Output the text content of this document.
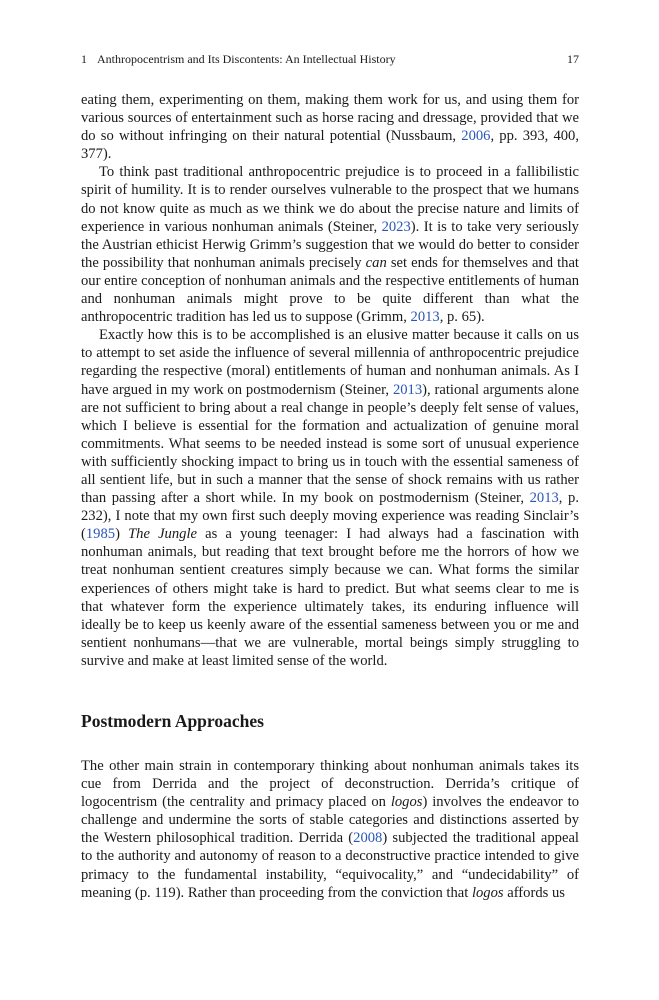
1 Anthropocentrism and Its Discontents: An Intellectual History	17

eating them, experimenting on them, making them work for us, and using them for various sources of entertainment such as horse racing and dressage, provided that we do so without infringing on their natural potential (Nussbaum, 2006, pp. 393, 400, 377).

To think past traditional anthropocentric prejudice is to proceed in a fallibilistic spirit of humility. It is to render ourselves vulnerable to the prospect that we humans do not know quite as much as we think we do about the precise nature and limits of experience in various nonhuman animals (Steiner, 2023). It is to take very seriously the Austrian ethicist Herwig Grimm’s suggestion that we would do better to consider the possibility that nonhuman animals precisely can set ends for themselves and that our entire conception of nonhuman animals and the respective entitlements of human and nonhuman animals might prove to be quite different than what the anthropocentric tradition has led us to suppose (Grimm, 2013, p. 65).

Exactly how this is to be accomplished is an elusive matter because it calls on us to attempt to set aside the influence of several millennia of anthropocentric prejudice regarding the respective (moral) entitlements of human and nonhuman animals. As I have argued in my work on postmodernism (Steiner, 2013), rational arguments alone are not sufficient to bring about a real change in people’s deeply felt sense of values, which I believe is essential for the formation and actualization of genuine moral commitments. What seems to be needed instead is some sort of unusual experience with sufficiently shocking impact to bring us in touch with the essential sameness of all sentient life, but in such a manner that the sense of shock remains with us rather than passing after a short while. In my book on postmodernism (Steiner, 2013, p. 232), I note that my own first such deeply moving experience was reading Sinclair’s (1985) The Jungle as a young teenager: I had always had a fascination with nonhuman animals, but reading that text brought before me the horrors of how we treat nonhuman sentient creatures simply because we can. What forms the similar experiences of others might take is hard to predict. But what seems clear to me is that whatever form the experience ultimately takes, its enduring influence will ideally be to keep us keenly aware of the essential sameness between you or me and sentient nonhumans—that we are vulnerable, mortal beings simply struggling to survive and make at least limited sense of the world.

Postmodern Approaches

The other main strain in contemporary thinking about nonhuman animals takes its cue from Derrida and the project of deconstruction. Derrida’s critique of logocentrism (the centrality and primacy placed on logos) involves the endeavor to challenge and undermine the sorts of stable categories and distinctions asserted by the Western philosophical tradition. Derrida (2008) subjected the traditional appeal to the authority and autonomy of reason to a deconstructive practice intended to give primacy to the fundamental instability, “equivocality,” and “undecidability” of meaning (p. 119). Rather than proceeding from the conviction that logos affords us
